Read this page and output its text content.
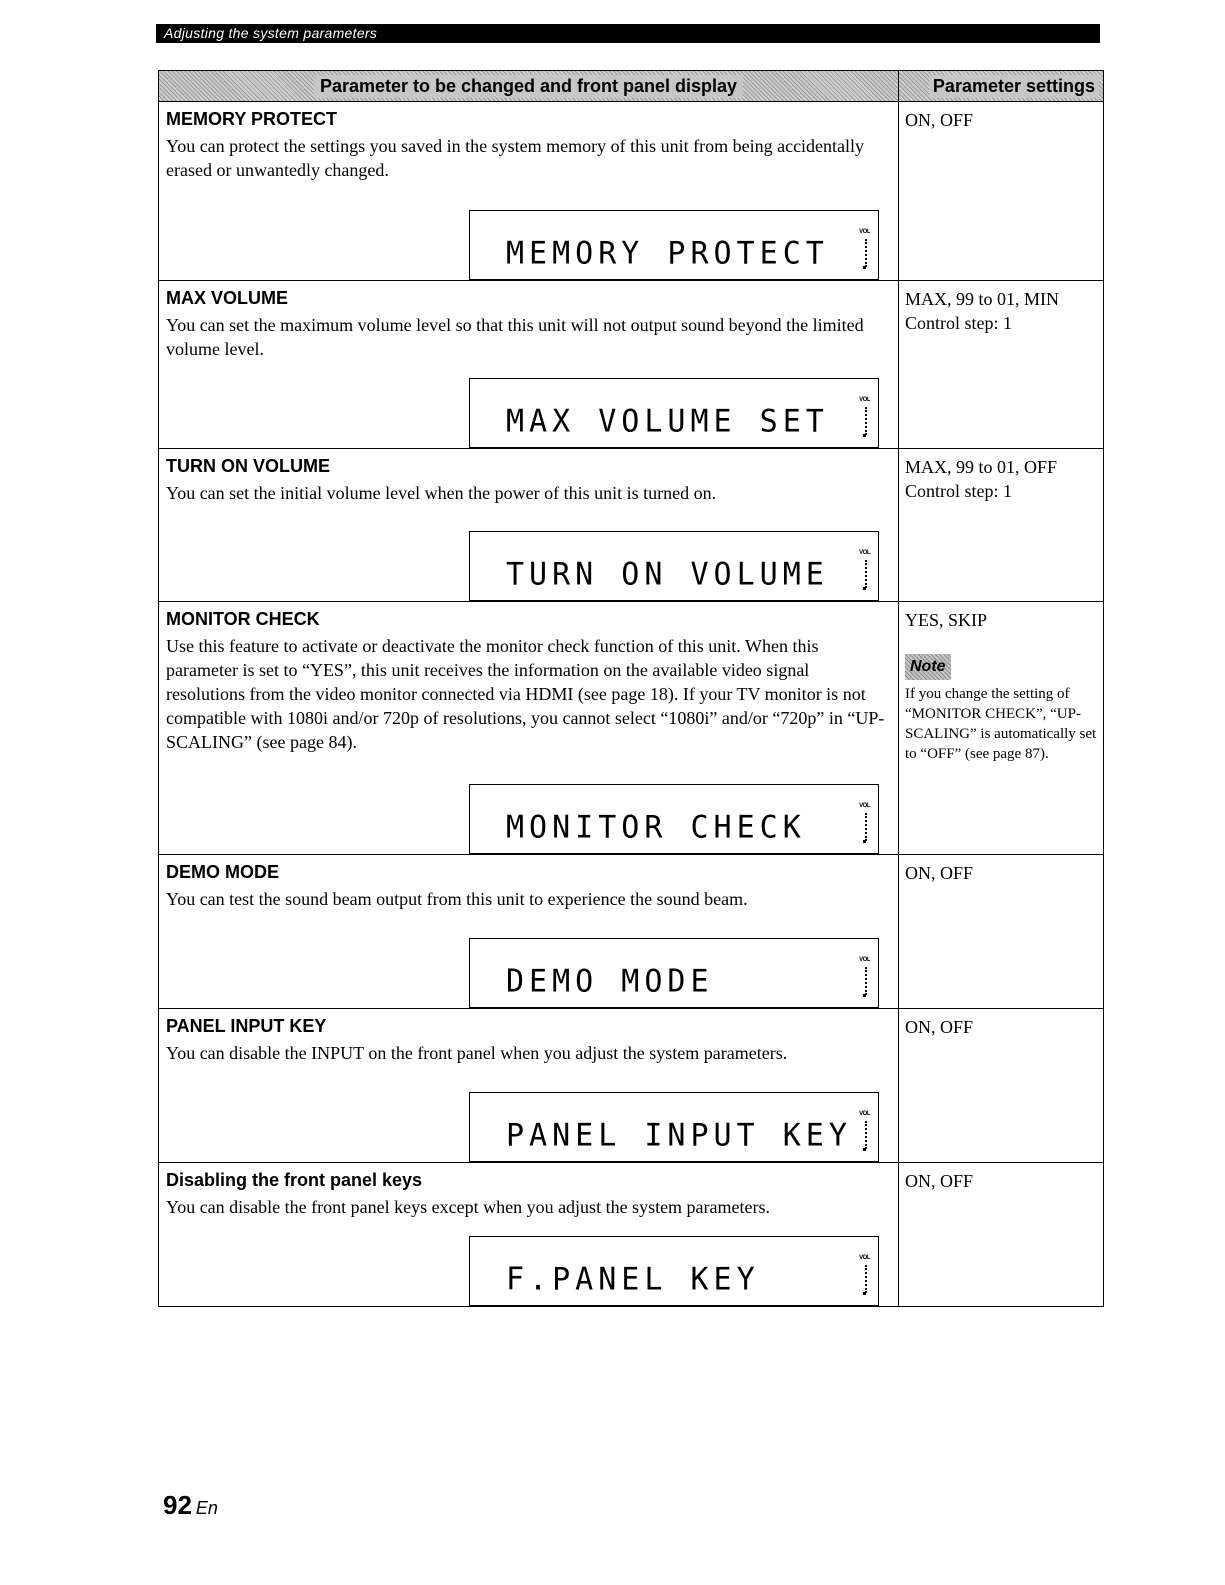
Adjusting the system parameters
Parameter to be changed and front panel display	Parameter settings

MEMORY PROTECT

You can protect the settings you saved in the system memory of this unit from being accidentally erased or unwantedly changed.

MEMORY PROTECT
VOL

ON, OFF

MAX VOLUME

You can set the maximum volume level so that this unit will not output sound beyond the limited volume level.

MAX VOLUME SET
VOL

MAX, 99 to 01, MIN

Control step: 1

TURN ON VOLUME

You can set the initial volume level when the power of this unit is turned on.

TURN ON VOLUME
VOL

MAX, 99 to 01, OFF

Control step: 1

MONITOR CHECK

Use this feature to activate or deactivate the monitor check function of this unit. When this parameter is set to “YES”, this unit receives the information on the available video signal resolutions from the video monitor connected via HDMI (see page 18). If your TV monitor is not compatible with 1080i and/or 720p of resolutions, you cannot select “1080i” and/or “720p” in “UP-SCALING” (see page 84).

MONITOR CHECK
VOL

YES, SKIP

Note

If you change the setting of “MONITOR CHECK”, “UP-SCALING” is automatically set to “OFF” (see page 87).

DEMO MODE

You can test the sound beam output from this unit to experience the sound beam.

DEMO MODE
VOL

ON, OFF

PANEL INPUT KEY

You can disable the INPUT on the front panel when you adjust the system parameters.

PANEL INPUT KEY
VOL

ON, OFF

Disabling the front panel keys

You can disable the front panel keys except when you adjust the system parameters.

F.PANEL KEY
VOL

ON, OFF

92 En
